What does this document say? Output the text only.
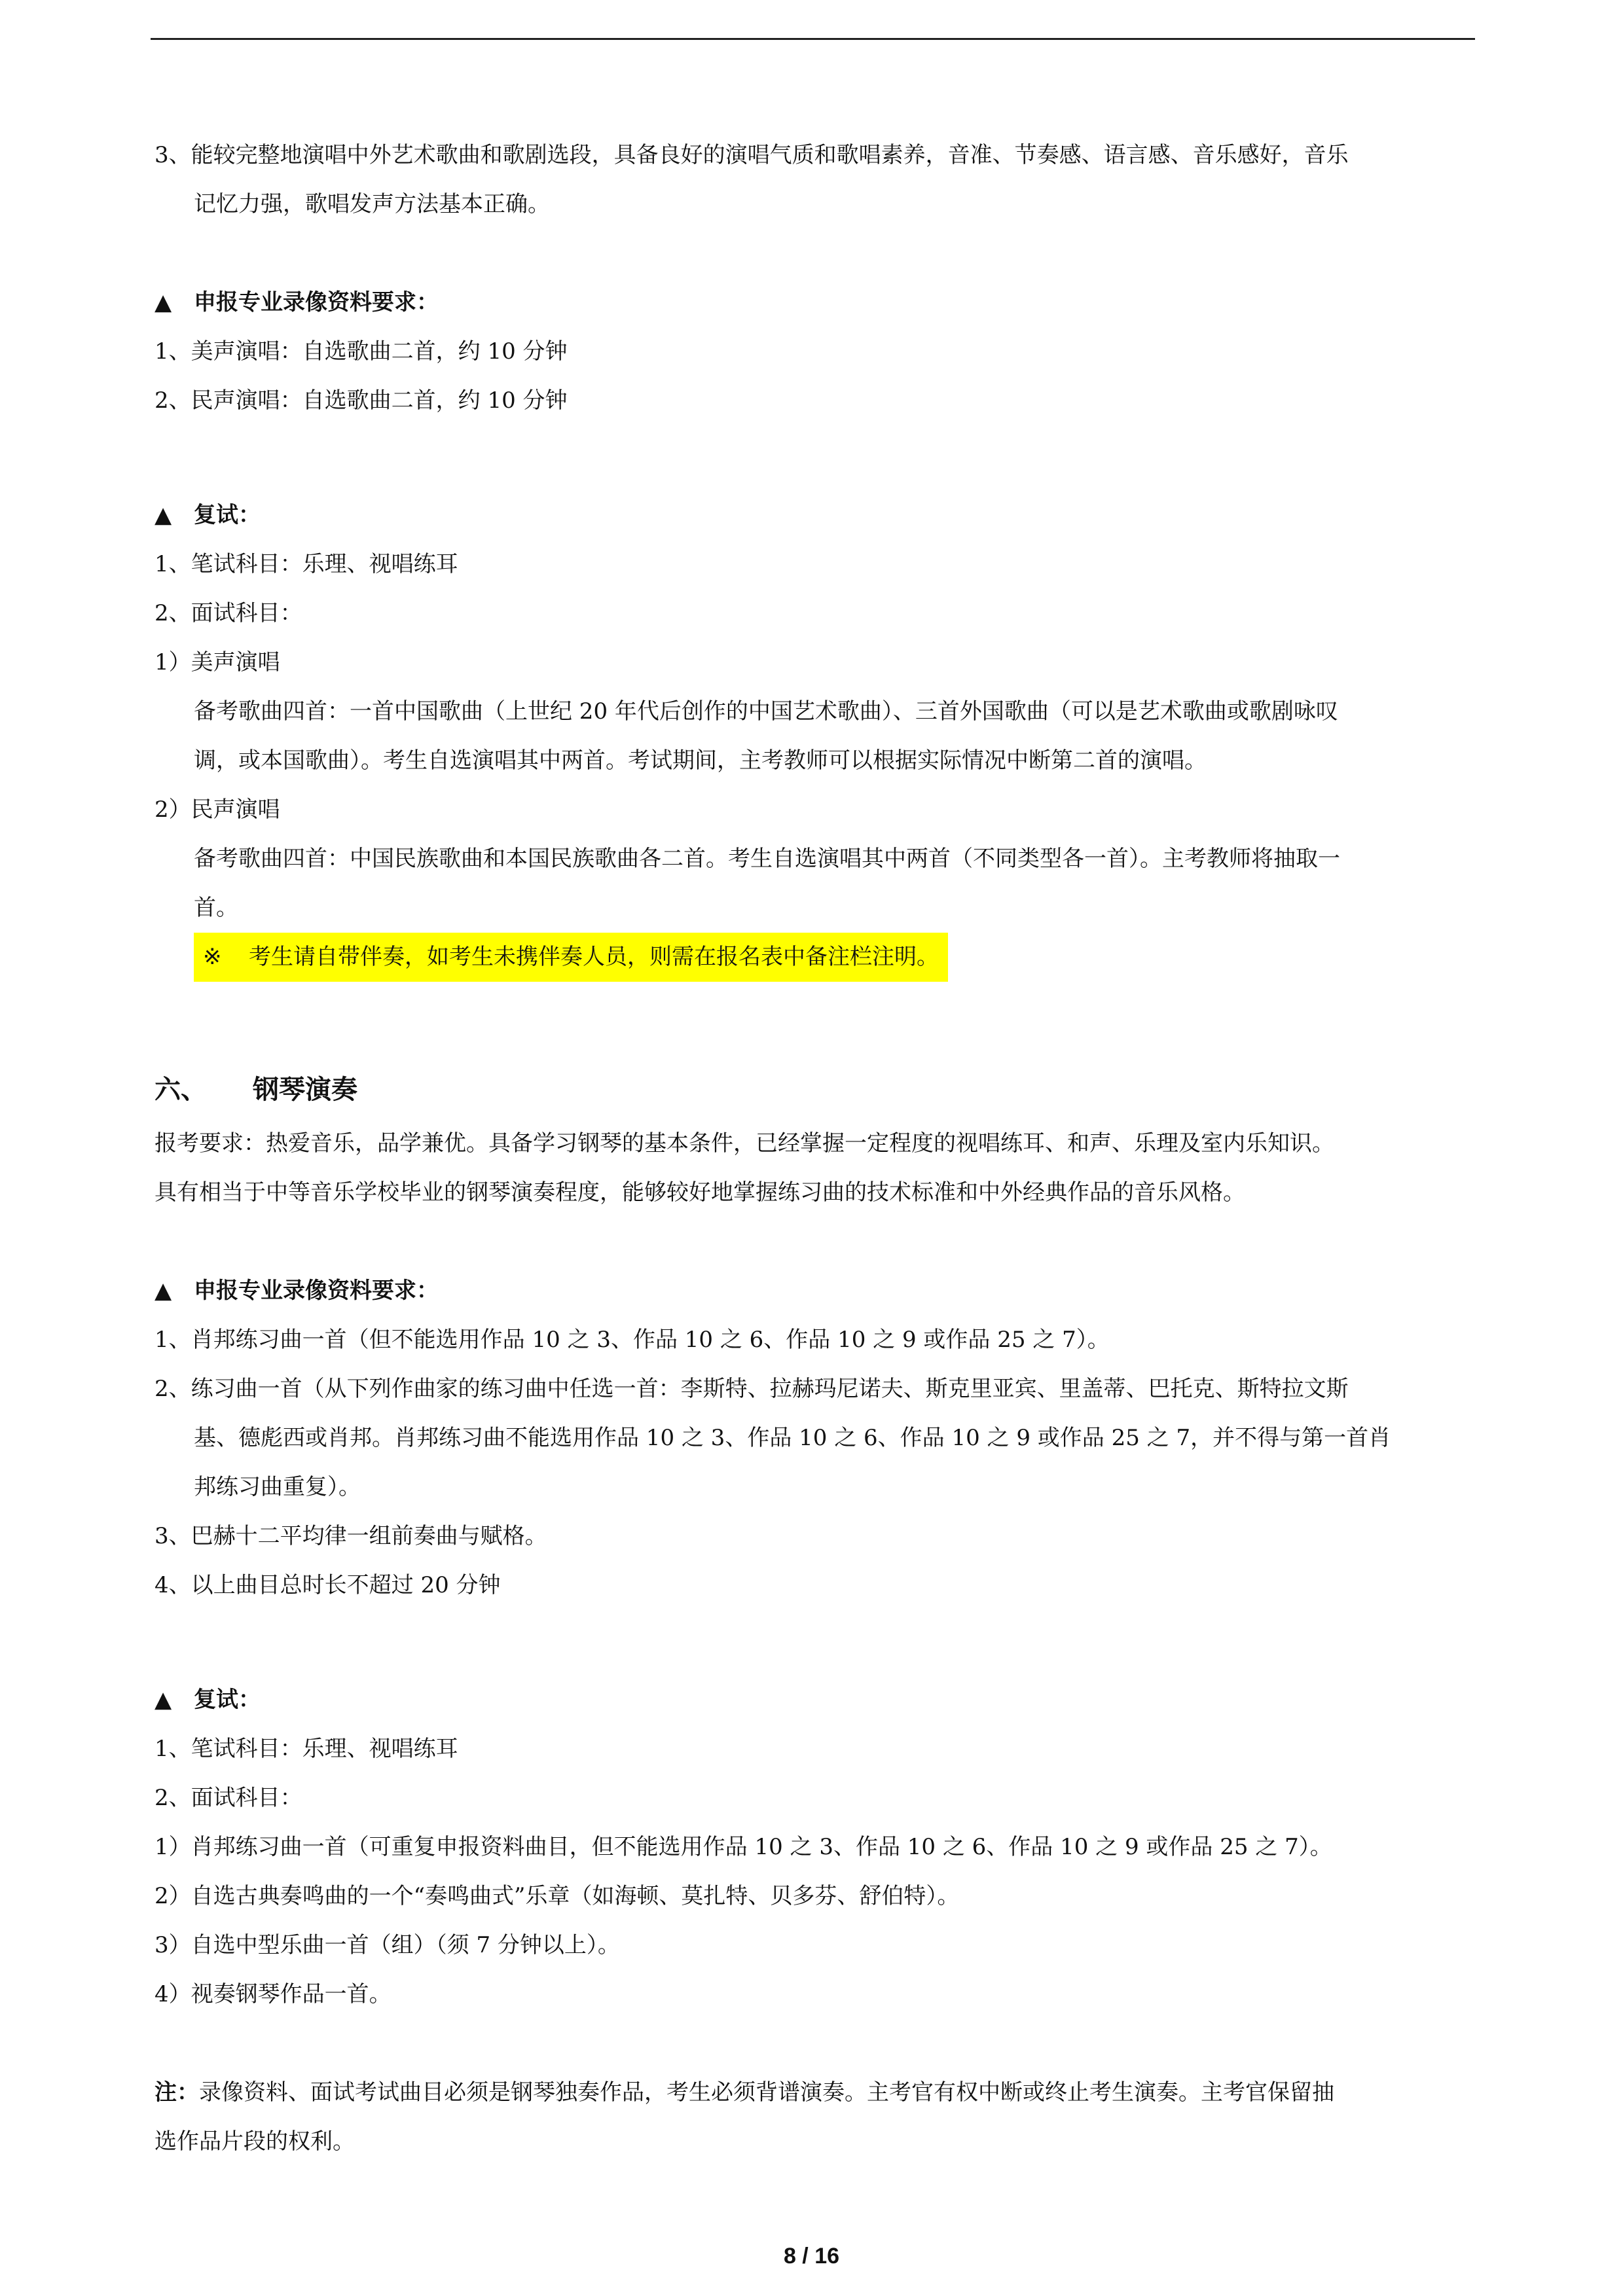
3、能较完整地演唱中外艺术歌曲和歌剧选段，具备良好的演唱气质和歌唱素养，音准、节奏感、语言感、音乐感好，音乐
记忆力强，歌唱发声方法基本正确。
▲ 申报专业录像资料要求：
1、美声演唱：自选歌曲二首，约 10 分钟
2、民声演唱：自选歌曲二首，约 10 分钟
▲ 复试：
1、笔试科目：乐理、视唱练耳
2、面试科目：
1）美声演唱
备考歌曲四首：一首中国歌曲（上世纪 20 年代后创作的中国艺术歌曲）、三首外国歌曲（可以是艺术歌曲或歌剧咏叹
调，或本国歌曲）。考生自选演唱其中两首。考试期间，主考教师可以根据实际情况中断第二首的演唱。
2）民声演唱
备考歌曲四首：中国民族歌曲和本国民族歌曲各二首。考生自选演唱其中两首（不同类型各一首）。主考教师将抽取一
首。
※ 考生请自带伴奏，如考生未携伴奏人员，则需在报名表中备注栏注明。
六、 钢琴演奏
报考要求：热爱音乐，品学兼优。具备学习钢琴的基本条件，已经掌握一定程度的视唱练耳、和声、乐理及室内乐知识。
具有相当于中等音乐学校毕业的钢琴演奏程度，能够较好地掌握练习曲的技术标准和中外经典作品的音乐风格。
▲ 申报专业录像资料要求：
1、肖邦练习曲一首（但不能选用作品 10 之 3、作品 10 之 6、作品 10 之 9 或作品 25 之 7）。
2、练习曲一首（从下列作曲家的练习曲中任选一首：李斯特、拉赫玛尼诺夫、斯克里亚宾、里盖蒂、巴托克、斯特拉文斯
基、德彪西或肖邦。肖邦练习曲不能选用作品 10 之 3、作品 10 之 6、作品 10 之 9 或作品 25 之 7，并不得与第一首肖
邦练习曲重复）。
3、巴赫十二平均律一组前奏曲与赋格。
4、以上曲目总时长不超过 20 分钟
▲ 复试：
1、笔试科目：乐理、视唱练耳
2、面试科目：
1）肖邦练习曲一首（可重复申报资料曲目，但不能选用作品 10 之 3、作品 10 之 6、作品 10 之 9 或作品 25 之 7）。
2）自选古典奏鸣曲的一个“奏鸣曲式”乐章（如海顿、莫扎特、贝多芬、舒伯特）。
3）自选中型乐曲一首（组）（须 7 分钟以上）。
4）视奏钢琴作品一首。
注：录像资料、面试考试曲目必须是钢琴独奏作品，考生必须背谱演奏。主考官有权中断或终止考生演奏。主考官保留抽
选作品片段的权利。
8 / 16
